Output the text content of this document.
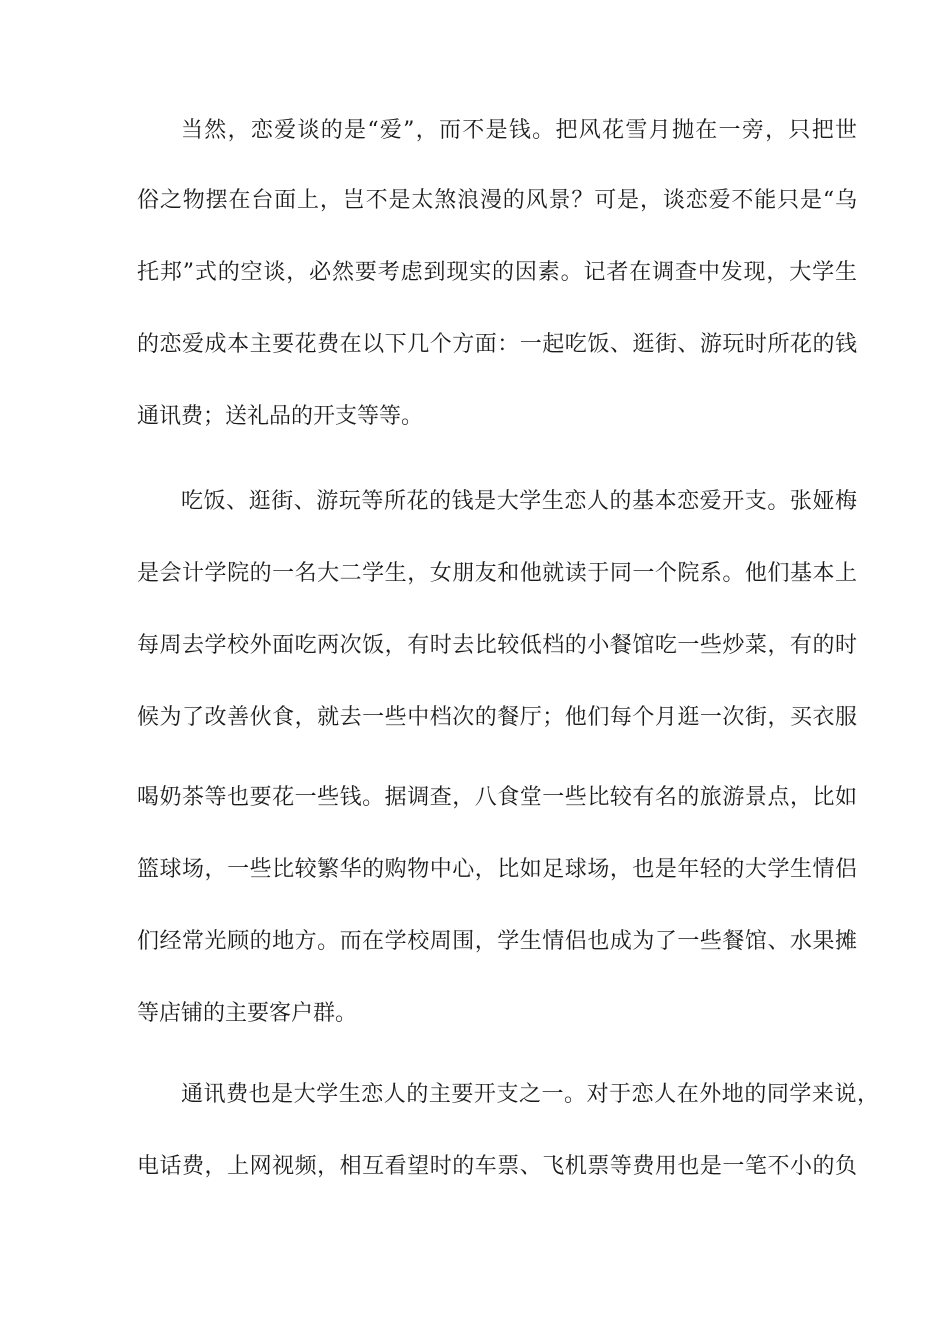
当然，恋爱谈的是“爱”，而不是钱。把风花雪月抛在一旁，只把世
俗之物摆在台面上，岂不是太煞浪漫的风景？可是，谈恋爱不能只是“乌
托邦”式的空谈，必然要考虑到现实的因素。记者在调查中发现，大学生
的恋爱成本主要花费在以下几个方面：一起吃饭、逛街、游玩时所花的钱
通讯费；送礼品的开支等等。
吃饭、逛街、游玩等所花的钱是大学生恋人的基本恋爱开支。张娅梅
是会计学院的一名大二学生，女朋友和他就读于同一个院系。他们基本上
每周去学校外面吃两次饭，有时去比较低档的小餐馆吃一些炒菜，有的时
候为了改善伙食，就去一些中档次的餐厅；他们每个月逛一次街，买衣服
喝奶茶等也要花一些钱。据调查，八食堂一些比较有名的旅游景点，比如
篮球场，一些比较繁华的购物中心，比如足球场，也是年轻的大学生情侣
们经常光顾的地方。而在学校周围，学生情侣也成为了一些餐馆、水果摊
等店铺的主要客户群。
通讯费也是大学生恋人的主要开支之一。对于恋人在外地的同学来说，
电话费，上网视频，相互看望时的车票、飞机票等费用也是一笔不小的负
